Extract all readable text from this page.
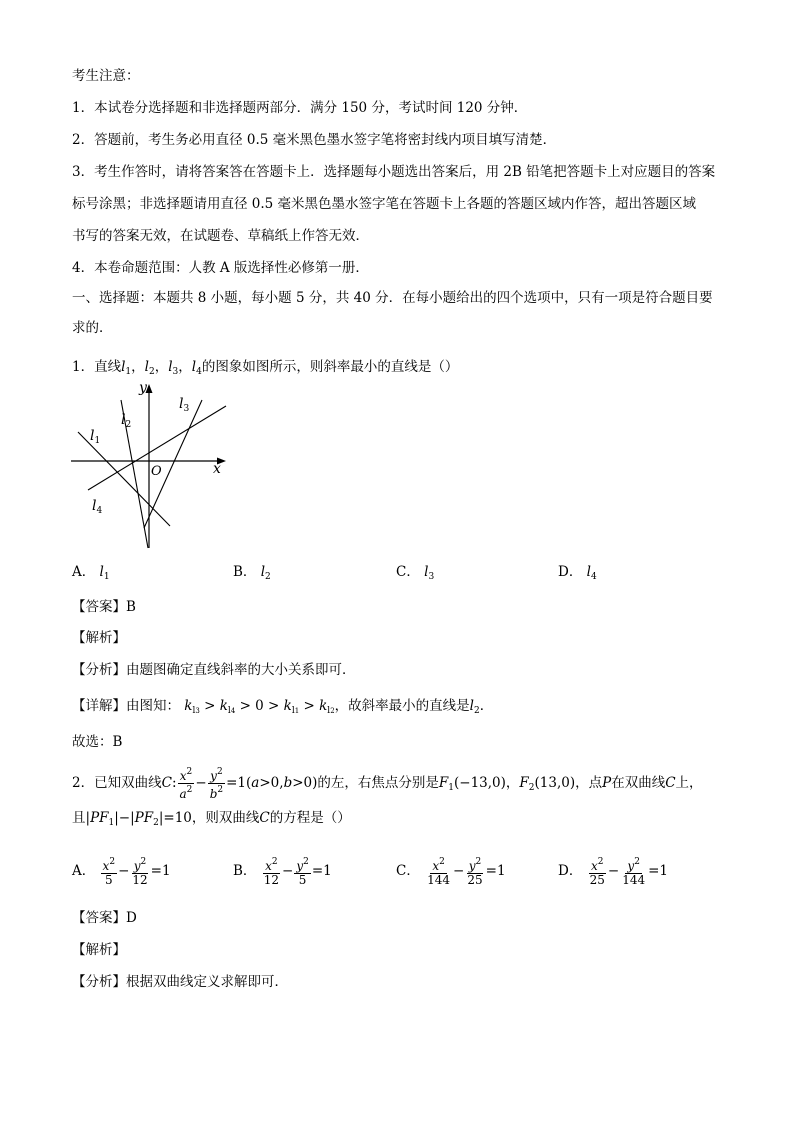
考生注意：
1．本试卷分选择题和非选择题两部分．满分 150 分，考试时间 120 分钟．
2．答题前，考生务必用直径 0.5 毫米黑色墨水签字笔将密封线内项目填写清楚．
3．考生作答时，请将答案答在答题卡上．选择题每小题选出答案后，用 2B 铅笔把答题卡上对应题目的答案
标号涂黑；非选择题请用直径 0.5 毫米黑色墨水签字笔在答题卡上各题的答题区域内作答，超出答题区域
书写的答案无效，在试题卷、草稿纸上作答无效．
4．本卷命题范围：人教 A 版选择性必修第一册．
一、选择题：本题共 8 小题，每小题 5 分，共 40 分．在每小题给出的四个选项中，只有一项是符合题目要
求的．
1．直线$l_1$，$l_2$，$l_3$，$l_4$的图象如图所示，则斜率最小的直线是（）
y
x
O
$l_1$
$l_2$
$l_3$
$l_4$
A． $l_1$	B． $l_2$	C． $l_3$	D． $l_4$
【答案】B
【解析】
【分析】由题图确定直线斜率的大小关系即可．
【详解】由图知： $k_{l3} > k_{l4} > 0 > k_{l1} > k_{l2}$，故斜率最小的直线是$l_2$．
故选：B
2．已知双曲线C: $\frac{x^2}{a^2} - \frac{y^2}{b^2} =1(a>0,b>0)$的左，右焦点分别是$F_1(-13,0)$，$F_2(13,0)$，点P在双曲线C上，
且$|PF_1|-|PF_2|=10$，则双曲线C的方程是（）
A． $\frac{x^2}{5} - \frac{y^2}{12} =1$	B． $\frac{x^2}{12} - \frac{y^2}{5} =1$	C． $\frac{x^2}{144} - \frac{y^2}{25} =1$	D． $\frac{x^2}{25} - \frac{y^2}{144} =1$
【答案】D
【解析】
【分析】根据双曲线定义求解即可．
